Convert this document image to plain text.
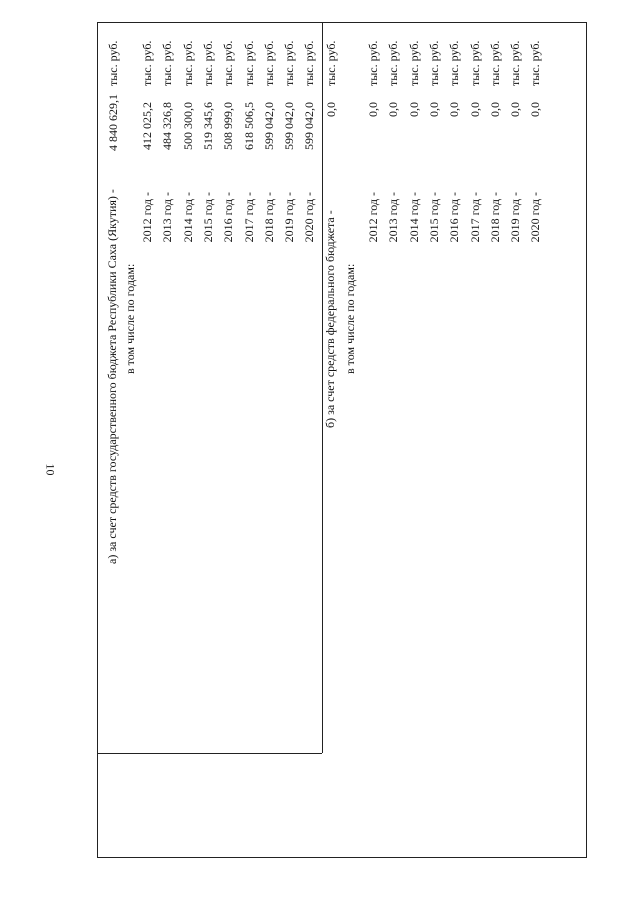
10	а) за счет средств государственного бюджета Республики Саха (Якутия) -
4 840 629,1
тыс. руб.
в том числе по годам:
2012 год -
412 025,2
тыс. руб.
2013 год -
484 326,8
тыс. руб.
2014 год -
500 300,0
тыс. руб.
2015 год -
519 345,6
тыс. руб.
2016 год -
508 999,0
тыс. руб.
2017 год -
618 506,5
тыс. руб.
2018 год -
599 042,0
тыс. руб.
2019 год -
599 042,0
тыс. руб.
2020 год -
599 042,0
тыс. руб.
б) за счет средств федерального бюджета -
0,0
тыс. руб.
в том числе по годам:
2012 год -
0,0
тыс. руб.
2013 год -
0,0
тыс. руб.
2014 год -
0,0
тыс. руб.
2015 год -
0,0
тыс. руб.
2016 год -
0,0
тыс. руб.
2017 год -
0,0
тыс. руб.
2018 год -
0,0
тыс. руб.
2019 год -
0,0
тыс. руб.
2020 год -
0,0
тыс. руб.
